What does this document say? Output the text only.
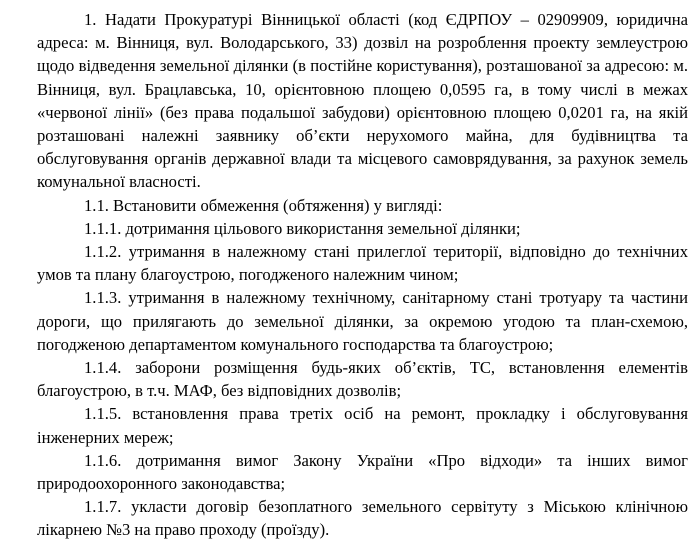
1. Надати Прокуратурі Вінницької області (код ЄДРПОУ – 02909909, юридична адреса: м. Вінниця, вул. Володарського, 33) дозвіл на розроблення проекту землеустрою щодо відведення земельної ділянки (в постійне користування), розташованої за адресою: м. Вінниця, вул. Брацлавська, 10, орієнтовною площею 0,0595 га, в тому числі в межах «червоної лінії» (без права подальшої забудови) орієнтовною площею 0,0201 га, на якій розташовані належні заявнику об’єкти нерухомого майна, для будівництва та обслуговування органів державної влади та місцевого самоврядування, за рахунок земель комунальної власності.

1.1. Встановити обмеження (обтяження) у вигляді:

1.1.1. дотримання цільового використання земельної ділянки;

1.1.2. утримання в належному стані прилеглої території, відповідно до технічних умов та плану благоустрою, погодженого належним чином;

1.1.3. утримання в належному технічному, санітарному стані тротуару та частини дороги, що прилягають до земельної ділянки, за окремою угодою та план-схемою, погодженою департаментом комунального господарства та благоустрою;

1.1.4. заборони розміщення будь-яких об’єктів, ТС, встановлення елементів благоустрою, в т.ч. МАФ, без відповідних дозволів;

1.1.5. встановлення права третіх осіб на ремонт, прокладку і обслуговування інженерних мереж;

1.1.6. дотримання вимог Закону України «Про відходи» та інших вимог природоохоронного законодавства;

1.1.7. укласти договір безоплатного земельного сервітуту з Міською клінічною лікарнею №3 на право проходу (проїзду).
